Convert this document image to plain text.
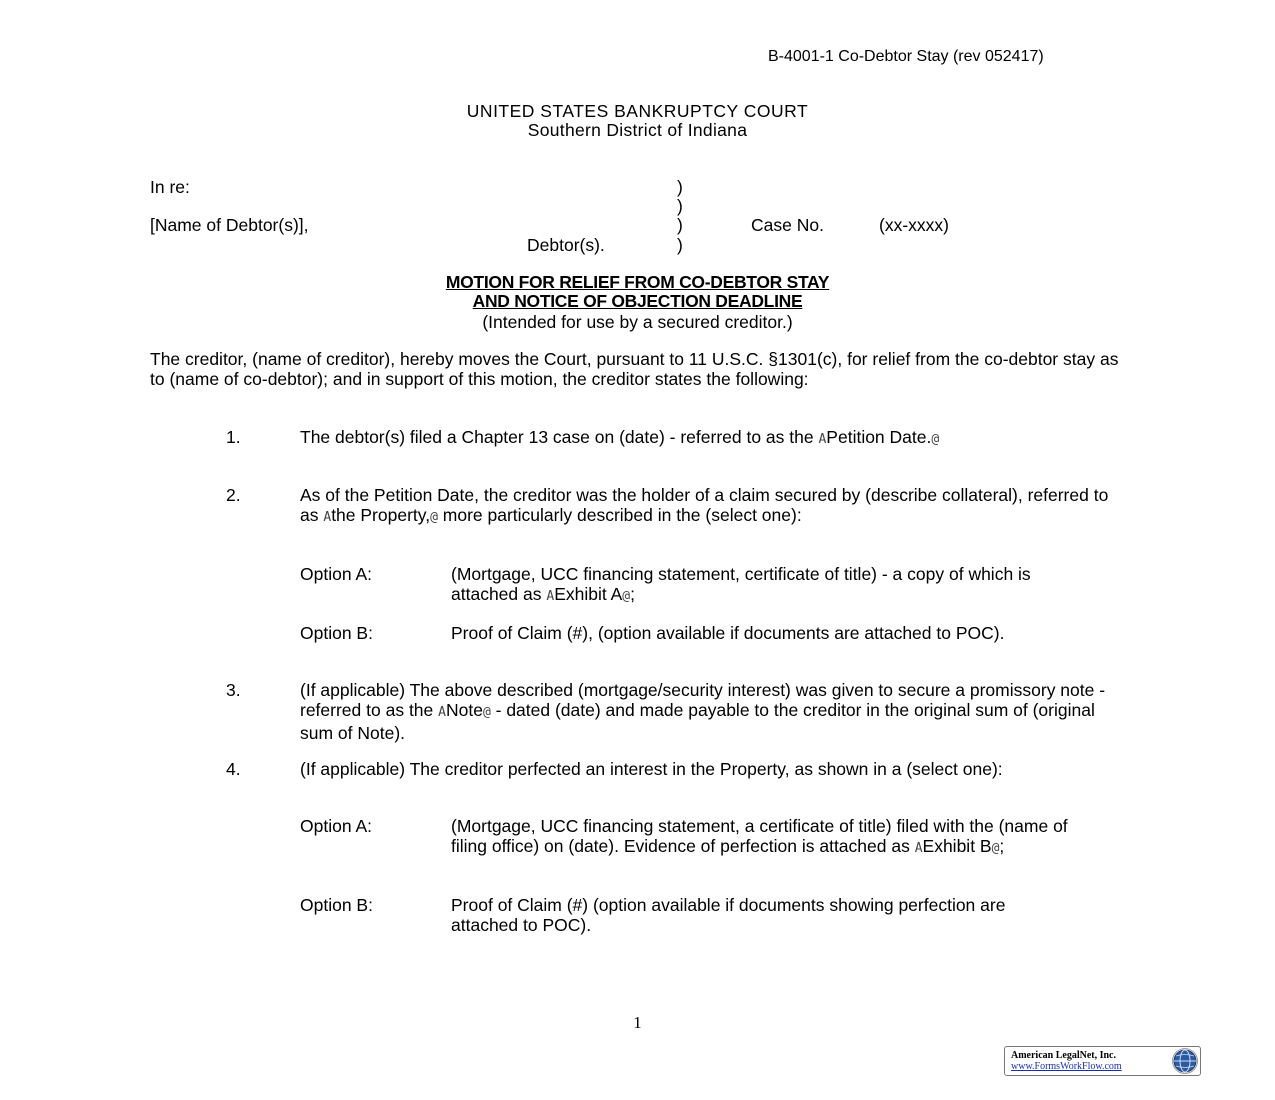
B-4001-1 Co-Debtor Stay (rev 052417)
UNITED STATES BANKRUPTCY COURT
Southern District of Indiana
In re:	)
)
[Name of Debtor(s)],	)	Case No.	(xx-xxxx)
Debtor(s).	)
MOTION FOR RELIEF FROM CO-DEBTOR STAY
AND NOTICE OF OBJECTION DEADLINE
(Intended for use by a secured creditor.)
The creditor, (name of creditor), hereby moves the Court, pursuant to 11 U.S.C. §1301(c), for relief from the co-debtor stay as to (name of co-debtor); and in support of this motion, the creditor states the following:
1.	The debtor(s) filed a Chapter 13 case on (date) - referred to as the APetition Date.@
2.	As of the Petition Date, the creditor was the holder of a claim secured by (describe collateral), referred to as Athe Property,@ more particularly described in the (select one):
Option A:	(Mortgage, UCC financing statement, certificate of title) - a copy of which is attached as AExhibit A@;
Option B:	Proof of Claim (#), (option available if documents are attached to POC).
3.	(If applicable) The above described (mortgage/security interest) was given to secure a promissory note - referred to as the ANote@ - dated (date) and made payable to the creditor in the original sum of (original sum of Note).
4.	(If applicable) The creditor perfected an interest in the Property, as shown in a (select one):
Option A:	(Mortgage, UCC financing statement, a certificate of title) filed with the (name of filing office) on (date). Evidence of perfection is attached as AExhibit B@;
Option B:	Proof of Claim (#) (option available if documents showing perfection are attached to POC).
1
American LegalNet, Inc.
www.FormsWorkFlow.com
